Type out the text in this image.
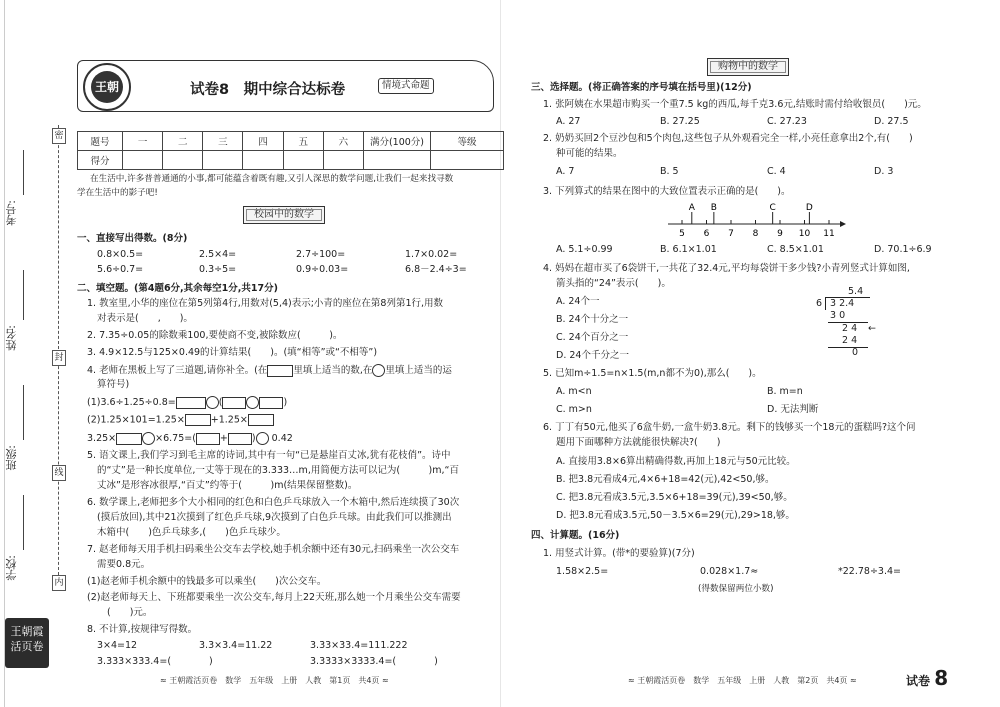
考号:
姓名:
班级:
学校:
密
封
线
内
王朝霞
活页卷
王朝霞
试卷8　期中综合达标卷	情境式命题
题号	一	二	三	四	五	六	满分(100分)	等级
得分								
在生活中,许多普普通通的小事,都可能蕴含着既有趣,又引人深思的数学问题,让我们一起来找寻数
学在生活中的影子吧!
校园中的数学
一、直接写出得数。(8分)
0.8×0.5=	2.5×4=	2.7÷100=	1.7×0.02=
5.6÷0.7=	0.3÷5=	0.9÷0.03=	6.8－2.4÷3=
二、填空题。(第4题6分,其余每空1分,共17分)
1. 教室里,小华的座位在第5列第4行,用数对(5,4)表示;小青的座位在第8列第1行,用数
对表示是(　　,　　)。
2. 7.35÷0.05的除数乘100,要使商不变,被除数应(　　　)。
3. 4.9×12.5与125×0.49的计算结果(　　)。(填“相等”或“不相等”)
4. 老师在黑板上写了三道题,请你补全。(在	里填上适当的数,在 里填上适当的运
算符号)
(1)3.6÷1.25÷0.8=	(	)
(2)1.25×101=1.25×	+1.25×
3.25×	×6.75=(	+	) 0.42
5. 语文课上,我们学习到毛主席的诗词,其中有一句“已是悬崖百丈冰,犹有花枝俏”。诗中
的“丈”是一种长度单位,一丈等于现在的3.333…m,用简便方法可以记为(　　　)m,“百
丈冰”是形容冰很厚,“百丈”约等于(　　　)m(结果保留整数)。
6. 数学课上,老师把多个大小相同的红色和白色乒乓球放入一个木箱中,然后连续摸了30次
(摸后放回),其中21次摸到了红色乒乓球,9次摸到了白色乒乓球。由此我们可以推测出
木箱中(　　)色乒乓球多,(　　)色乒乓球少。
7. 赵老师每天用手机扫码乘坐公交车去学校,她手机余额中还有30元,扫码乘坐一次公交车
需要0.8元。
(1)赵老师手机余额中的钱最多可以乘坐(　　)次公交车。
(2)赵老师每天上、下班都要乘坐一次公交车,每月上22天班,那么她一个月乘坐公交车需要
(　　)元。
8. 不计算,按规律写得数。
3×4=12	3.3×3.4=11.22	3.33×33.4=111.222
3.333×333.4=(　　　　)	3.3333×3333.4=(　　　　)
≈ 王朝霞活页卷　数学　五年级　上册　人教　第1页　共4页 ≈
购物中的数学
三、选择题。(将正确答案的序号填在括号里)(12分)
1. 张阿姨在水果超市购买一个重7.5 kg的西瓜,每千克3.6元,结账时需付给收银员(　　)元。
A. 27	B. 27.25	C. 27.23	D. 27.5
2. 奶奶买回2个豆沙包和5个肉包,这些包子从外观看完全一样,小亮任意拿出2个,有(　　)
种可能的结果。
A. 7	B. 5	C. 4	D. 3
3. 下列算式的结果在图中的大致位置表示正确的是(　　)。
5 6 7 8 9 10 11
A B	C	D
A. 5.1÷0.99	B. 6.1×1.01	C. 8.5×1.01	D. 70.1÷6.9
4. 妈妈在超市买了6袋饼干,一共花了32.4元,平均每袋饼干多少钱?小青列竖式计算如图,
箭头指的“24”表示(　　)。
A. 24个一
B. 24个十分之一
C. 24个百分之一
D. 24个千分之一
5.4
6 3 2.4
3 0
2 4 ←
2 4
0
5. 已知m÷1.5=n×1.5(m,n都不为0),那么(　　)。
A. m<n	B. m=n
C. m>n	D. 无法判断
6. 丁丁有50元,他买了6盒牛奶,一盒牛奶3.8元。剩下的钱够买一个18元的蛋糕吗?这个问
题用下面哪种方法就能很快解决?(　　)
A. 直接用3.8×6算出精确得数,再加上18元与50元比较。
B. 把3.8元看成4元,4×6+18=42(元),42<50,够。
C. 把3.8元看成3.5元,3.5×6+18=39(元),39<50,够。
D. 把3.8元看成3.5元,50－3.5×6=29(元),29>18,够。
四、计算题。(16分)
1. 用竖式计算。(带*的要验算)(7分)
1.58×2.5=	0.028×1.7≈	*22.78÷3.4=
(得数保留两位小数)
≈ 王朝霞活页卷　数学　五年级　上册　人教　第2页　共4页 ≈	试卷 8
